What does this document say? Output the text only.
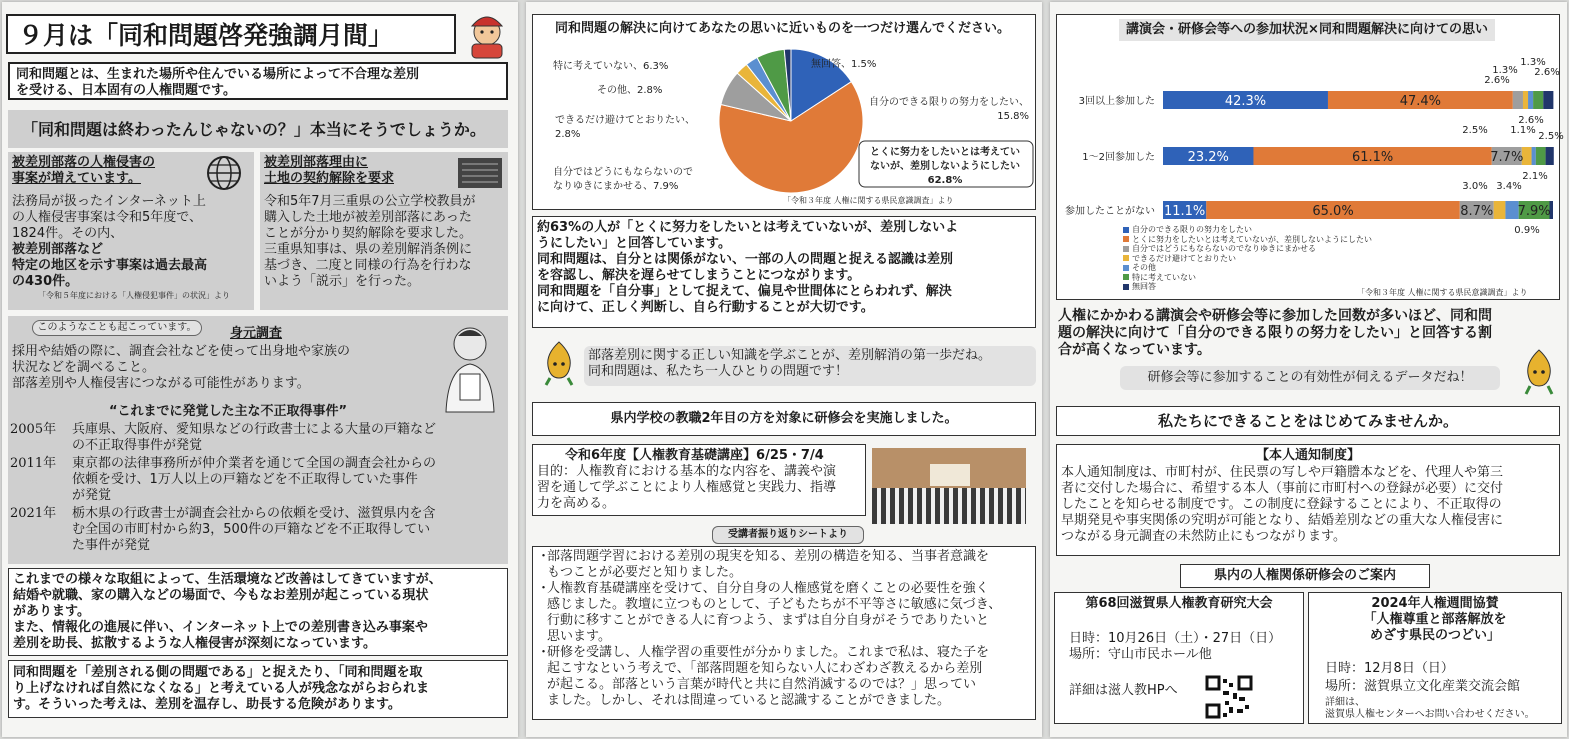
９月は「同和問題啓発強調月間」
同和問題とは、生まれた場所や住んでいる場所によって不合理な差別
を受ける、日本固有の人権問題です。
「同和問題は終わったんじゃないの？」本当にそうでしょうか。
被差別部落の人権侵害の
事案が増えています。
法務局が扱ったインターネット上
の人権侵害事案は令和5年度で、
1824件。その内、
被差別部落など
特定の地区を示す事案は過去最高
の430件。
「令和５年度における「人権侵犯事件」の状況」より
被差別部落理由に
土地の契約解除を要求
令和5年7月三重県の公立学校教員が
購入した土地が被差別部落にあった
ことが分かり契約解除を要求した。
三重県知事は、県の差別解消条例に
基づき、二度と同様の行為を行わな
いよう「説示」を行った。
このようなことも起こっています。	身元調査
採用や結婚の際に、調査会社などを使って出身地や家族の
状況などを調べること。
部落差別や人権侵害につながる可能性があります。
“これまでに発覚した主な不正取得事件”
2005年	兵庫県、大阪府、愛知県などの行政書士による大量の戸籍など
の不正取得事件が発覚
2011年	東京都の法律事務所が仲介業者を通じて全国の調査会社からの
依頼を受け、1万人以上の戸籍などを不正取得していた事件
が発覚
2021年	栃木県の行政書士が調査会社からの依頼を受け、滋賀県内を含
む全国の市町村から約3，500件の戸籍などを不正取得してい
た事件が発覚
これまでの様々な取組によって、生活環境など改善はしてきていますが、
結婚や就職、家の購入などの場面で、今もなお差別が起こっている現状
があります。
また、情報化の進展に伴い、インターネット上での差別書き込み事案や
差別を助長、拡散するような人権侵害が深刻になっています。
同和問題を「差別される側の問題である」と捉えたり、「同和問題を取
り上げなければ自然になくなる」と考えている人が残念ながらおられま
す。そういった考えは、差別を温存し、助長する危険があります。
同和問題の解決に向けてあなたの思いに近いものを一つだけ選んでください。
自分のできる限りの努力をしたい、
15.8%
とくに努力をしたいとは考えてい
ないが、差別しないようにしたい
62.8%
自分ではどうにもならないので
なりゆきにまかせる、7.9%
できるだけ避けてとおりたい、
2.8%
その他、2.8%
特に考えていない、6.3%	無回答、1.5%
「令和３年度 人権に関する県民意識調査」より
約63%の人が「とくに努力をしたいとは考えていないが、差別しないよ
うにしたい」と回答しています。
同和問題は、自分とは関係がない、一部の人の問題と捉える認識は差別
を容認し、解決を遅らせてしまうことにつながります。
同和問題を「自分事」として捉えて、偏見や世間体にとらわれず、解決
に向けて、正しく判断し、自ら行動することが大切です。
部落差別に関する正しい知識を学ぶことが、差別解消の第一歩だね。
同和問題は、私たち一人ひとりの問題です！
県内学校の教職2年目の方を対象に研修会を実施しました。
令和6年度【人権教育基礎講座】6/25・7/4
目的：人権教育における基本的な内容を、講義や演
習を通して学ぶことにより人権感覚と実践力、指導
力を高める。
受講者振り返りシートより
・
部落問題学習における差別の現実を知る、差別の構造を知る、当事者意識を
もつことが必要だと知りました。
・
人権教育基礎講座を受けて、自分自身の人権感覚を磨くことの必要性を強く
感じました。教壇に立つものとして、子どもたちが不平等さに敏感に気づき、
行動に移すことができる人に育つよう、まずは自分自身がそうでありたいと
思います。
・
研修を受講し、人権学習の重要性が分かりました。これまで私は、寝た子を
起こすなという考えで、「部落問題を知らない人にわざわざ教えるから差別
が起こる。部落という言葉が時代と共に自然消滅するのでは？」思ってい
ました。しかし、それは間違っていると認識することができました。
講演会・研修会等への参加状況×同和問題解決に向けての思い
3回以上参加した	42.3%	47.4%
1.3%
1.3%
2.6%
2.6%
1〜2回参加した	23.2%	61.1%	7.7%
2.5%
2.6%
1.1%
2.5%
2.1%
参加したことがない 11.1%	65.0%	8.7% 7.9%
3.0% 3.4%
0.9%
自分のできる限りの努力をしたい
とくに努力をしたいとは考えていないが、差別しないようにしたい
自分ではどうにもならないのでなりゆきにまかせる
できるだけ避けてとおりたい
その他
特に考えていない
無回答
「令和３年度 人権に関する県民意識調査」より
人権にかかわる講演会や研修会等に参加した回数が多いほど、同和問
題の解決に向けて「自分のできる限りの努力をしたい」と回答する割
合が高くなっています。
研修会等に参加することの有効性が伺えるデータだね！
私たちにできることをはじめてみませんか。
【本人通知制度】
本人通知制度は、市町村が、住民票の写しや戸籍謄本などを、代理人や第三
者に交付した場合に、希望する本人（事前に市町村への登録が必要）に交付
したことを知らせる制度です。この制度に登録することにより、不正取得の
早期発見や事実関係の究明が可能となり、結婚差別などの重大な人権侵害に
つながる身元調査の未然防止にもつながります。
県内の人権関係研修会のご案内
第68回滋賀県人権教育研究大会
日時：10月26日（土）・27日（日）
場所：守山市民ホール他
詳細は滋人教HPへ
2024年人権週間協賛
「人権尊重と部落解放を
めざす県民のつどい」
日時：12月8日（日）
場所：滋賀県立文化産業交流会館
詳細は、
滋賀県人権センターへお問い合わせください。
